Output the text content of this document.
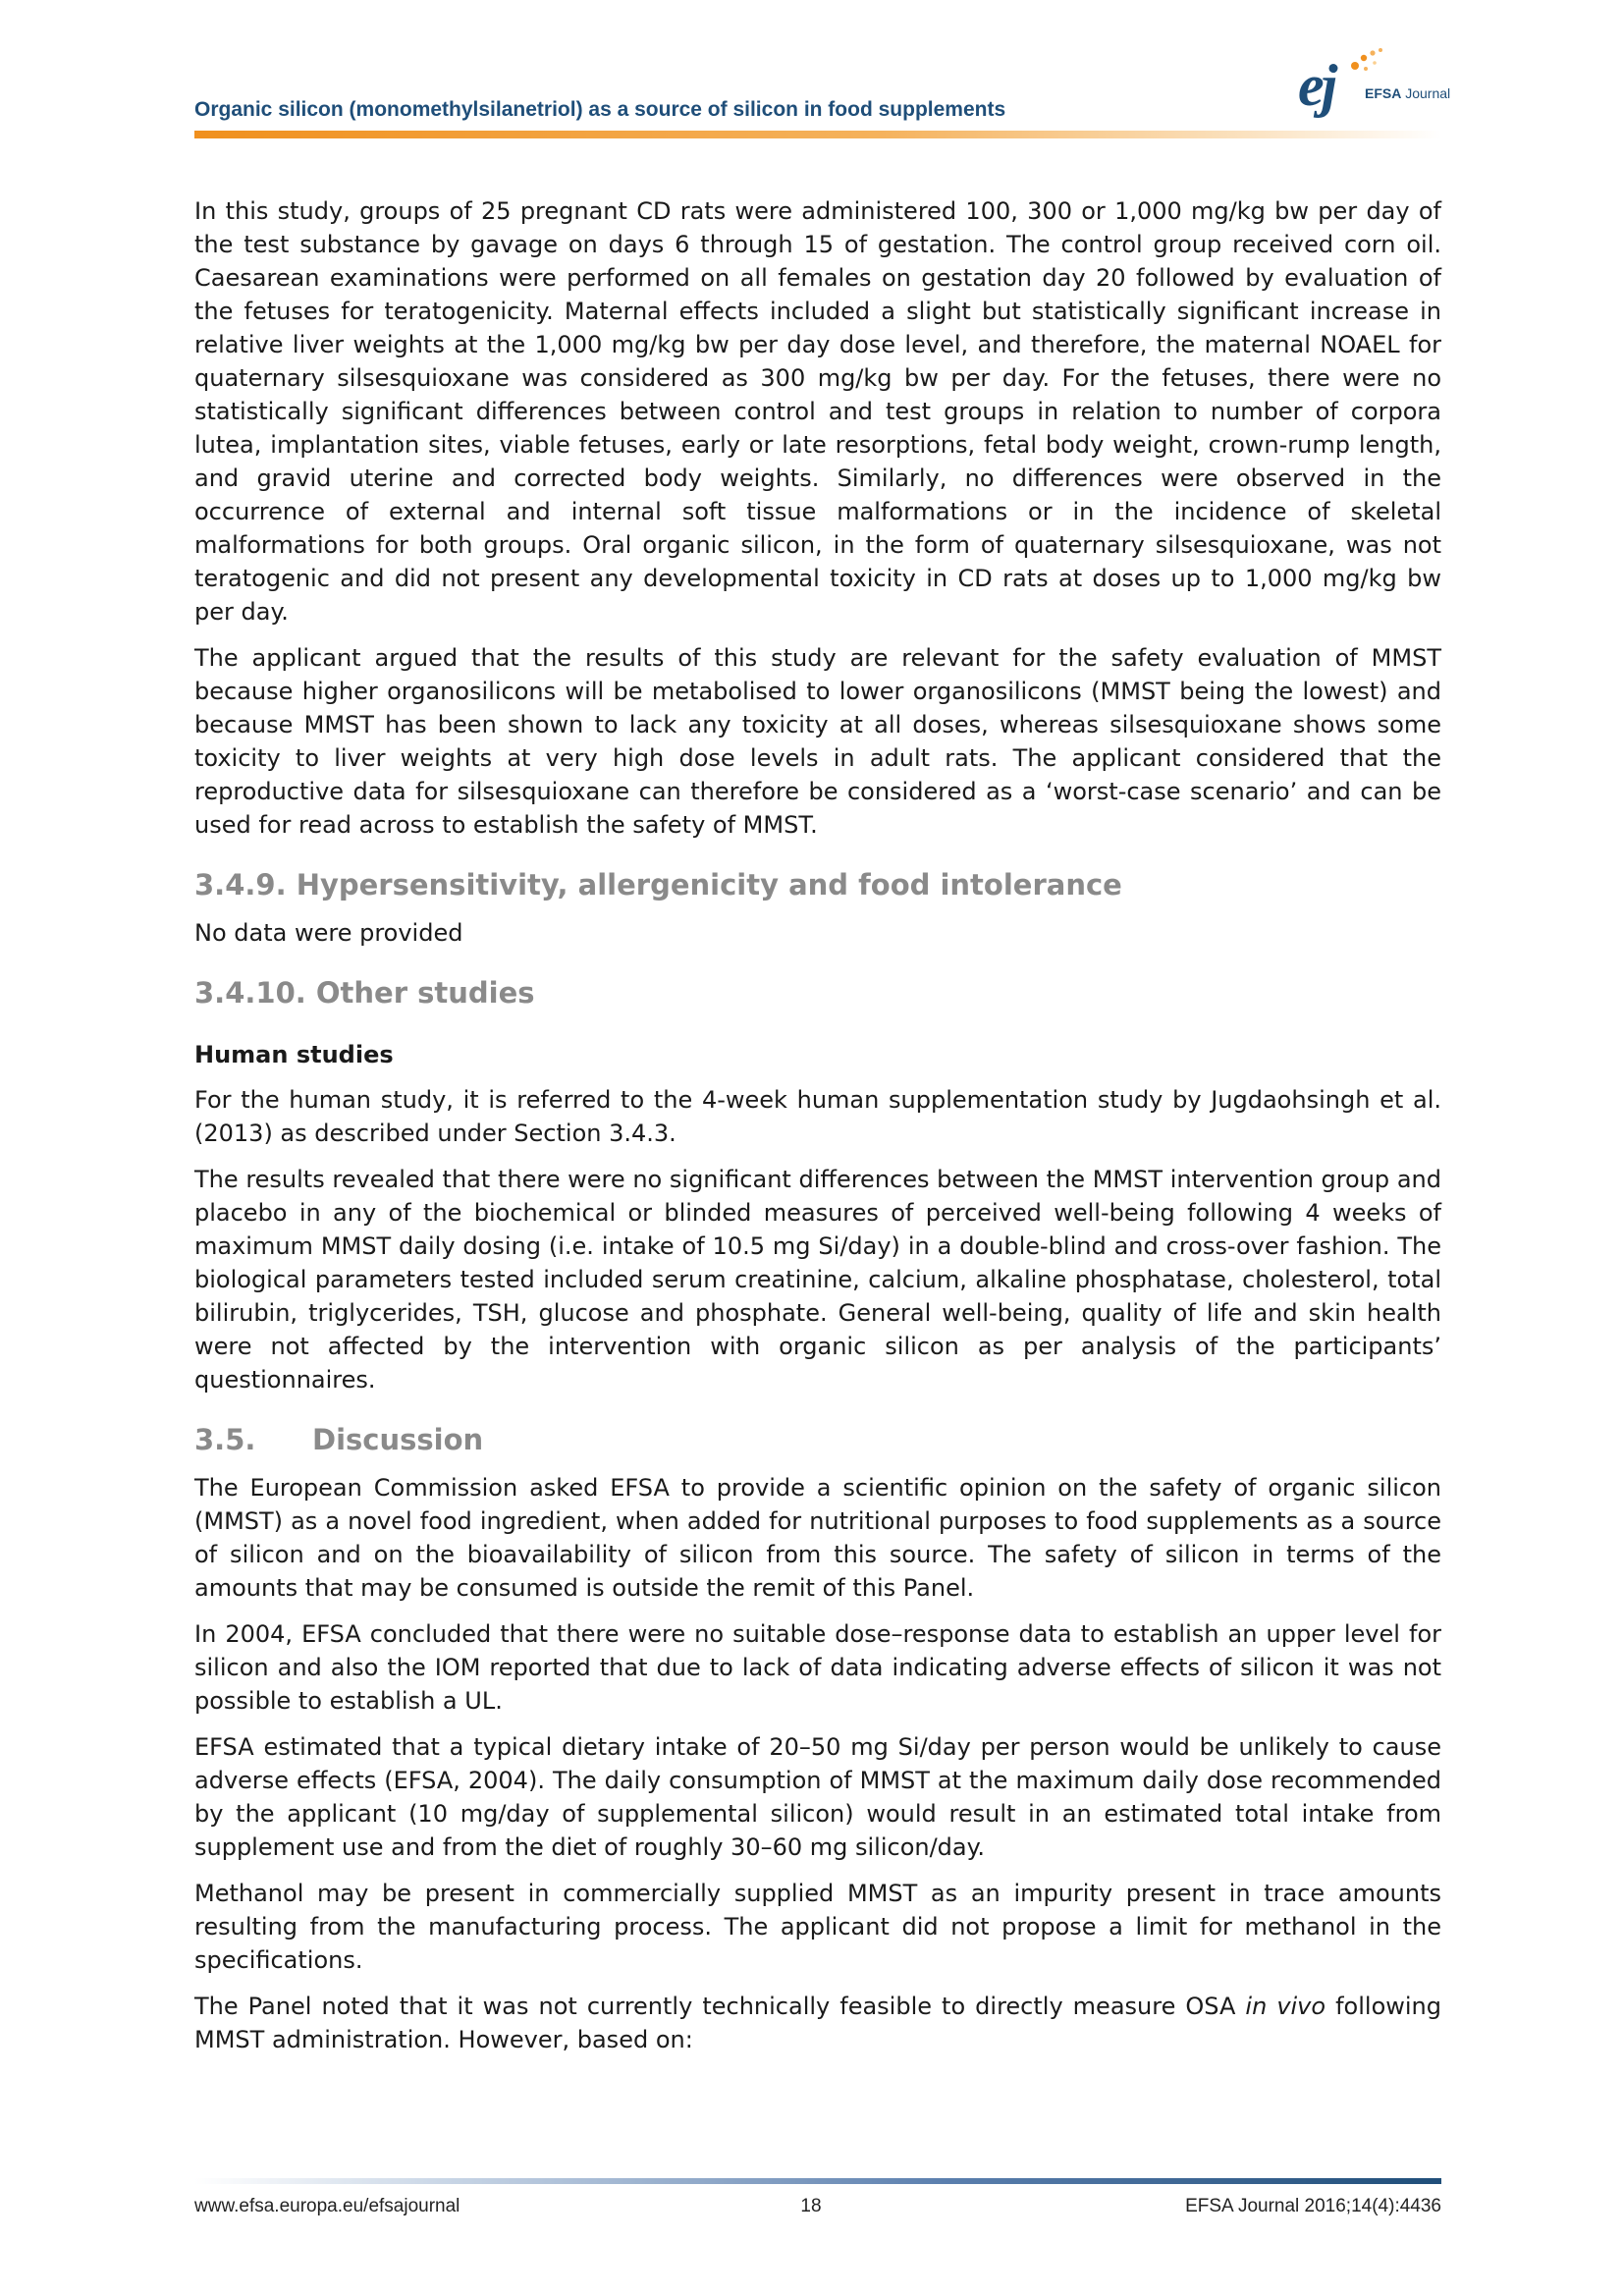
Organic silicon (monomethylsilanetriol) as a source of silicon in food supplements	ej EFSA Journal

In this study, groups of 25 pregnant CD rats were administered 100, 300 or 1,000 mg/kg bw per day of the test substance by gavage on days 6 through 15 of gestation. The control group received corn oil. Caesarean examinations were performed on all females on gestation day 20 followed by evaluation of the fetuses for teratogenicity. Maternal effects included a slight but statistically significant increase in relative liver weights at the 1,000 mg/kg bw per day dose level, and therefore, the maternal NOAEL for quaternary silsesquioxane was considered as 300 mg/kg bw per day. For the fetuses, there were no statistically significant differences between control and test groups in relation to number of corpora lutea, implantation sites, viable fetuses, early or late resorptions, fetal body weight, crown-rump length, and gravid uterine and corrected body weights. Similarly, no differences were observed in the occurrence of external and internal soft tissue malformations or in the incidence of skeletal malformations for both groups. Oral organic silicon, in the form of quaternary silsesquioxane, was not teratogenic and did not present any developmental toxicity in CD rats at doses up to 1,000 mg/kg bw per day.

The applicant argued that the results of this study are relevant for the safety evaluation of MMST because higher organosilicons will be metabolised to lower organosilicons (MMST being the lowest) and because MMST has been shown to lack any toxicity at all doses, whereas silsesquioxane shows some toxicity to liver weights at very high dose levels in adult rats. The applicant considered that the reproductive data for silsesquioxane can therefore be considered as a ‘worst-case scenario’ and can be used for read across to establish the safety of MMST.

3.4.9. Hypersensitivity, allergenicity and food intolerance

No data were provided

3.4.10. Other studies
Human studies

For the human study, it is referred to the 4-week human supplementation study by Jugdaohsingh et al. (2013) as described under Section 3.4.3.

The results revealed that there were no significant differences between the MMST intervention group and placebo in any of the biochemical or blinded measures of perceived well-being following 4 weeks of maximum MMST daily dosing (i.e. intake of 10.5 mg Si/day) in a double-blind and cross-over fashion. The biological parameters tested included serum creatinine, calcium, alkaline phosphatase, cholesterol, total bilirubin, triglycerides, TSH, glucose and phosphate. General well-being, quality of life and skin health were not affected by the intervention with organic silicon as per analysis of the participants’ questionnaires.

3.5. Discussion

The European Commission asked EFSA to provide a scientific opinion on the safety of organic silicon (MMST) as a novel food ingredient, when added for nutritional purposes to food supplements as a source of silicon and on the bioavailability of silicon from this source. The safety of silicon in terms of the amounts that may be consumed is outside the remit of this Panel.

In 2004, EFSA concluded that there were no suitable dose–response data to establish an upper level for silicon and also the IOM reported that due to lack of data indicating adverse effects of silicon it was not possible to establish a UL.

EFSA estimated that a typical dietary intake of 20–50 mg Si/day per person would be unlikely to cause adverse effects (EFSA, 2004). The daily consumption of MMST at the maximum daily dose recommended by the applicant (10 mg/day of supplemental silicon) would result in an estimated total intake from supplement use and from the diet of roughly 30–60 mg silicon/day.

Methanol may be present in commercially supplied MMST as an impurity present in trace amounts resulting from the manufacturing process. The applicant did not propose a limit for methanol in the specifications.

The Panel noted that it was not currently technically feasible to directly measure OSA in vivo following MMST administration. However, based on:

www.efsa.europa.eu/efsajournal	18	EFSA Journal 2016;14(4):4436
